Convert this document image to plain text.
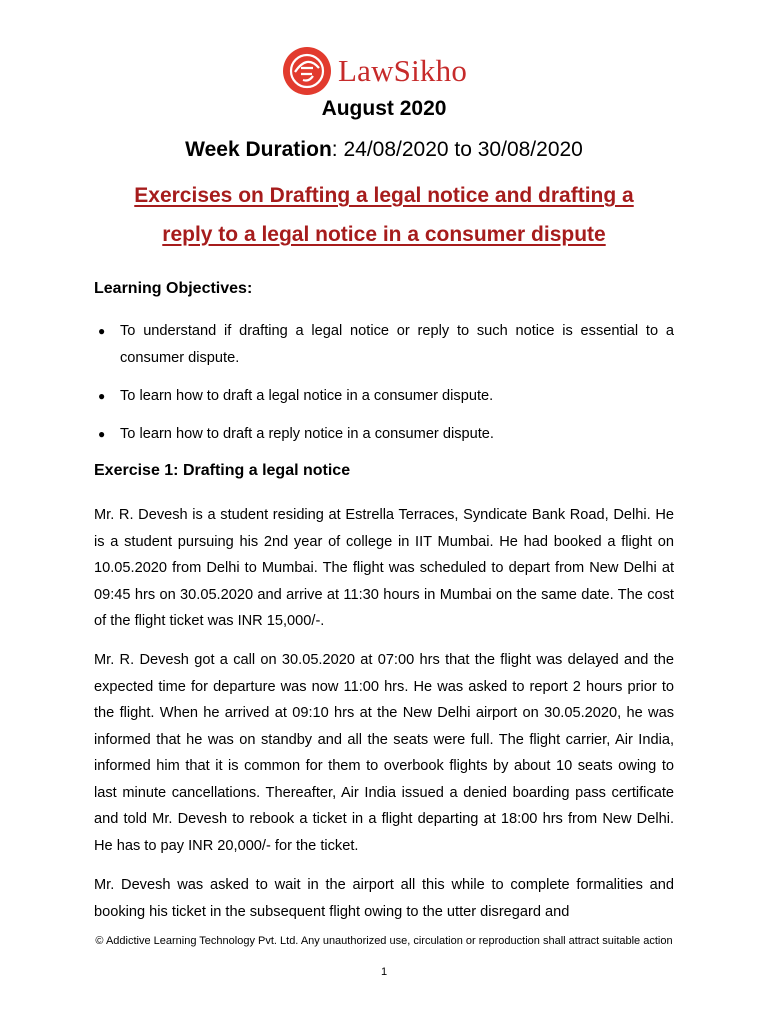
LawSikho
August 2020
Week Duration: 24/08/2020 to 30/08/2020
Exercises on Drafting a legal notice and drafting a
reply to a legal notice in a consumer dispute
Learning Objectives:
● To understand if drafting a legal notice or reply to such notice is essential to a consumer dispute.
● To learn how to draft a legal notice in a consumer dispute.
● To learn how to draft a reply notice in a consumer dispute.
Exercise 1: Drafting a legal notice

Mr. R. Devesh is a student residing at Estrella Terraces, Syndicate Bank Road, Delhi. He is a student pursuing his 2nd year of college in IIT Mumbai. He had booked a flight on 10.05.2020 from Delhi to Mumbai. The flight was scheduled to depart from New Delhi at 09:45 hrs on 30.05.2020 and arrive at 11:30 hours in Mumbai on the same date. The cost of the flight ticket was INR 15,000/-.

Mr. R. Devesh got a call on 30.05.2020 at 07:00 hrs that the flight was delayed and the expected time for departure was now 11:00 hrs. He was asked to report 2 hours prior to the flight. When he arrived at 09:10 hrs at the New Delhi airport on 30.05.2020, he was informed that he was on standby and all the seats were full. The flight carrier, Air India, informed him that it is common for them to overbook flights by about 10 seats owing to last minute cancellations. Thereafter, Air India issued a denied boarding pass certificate and told Mr. Devesh to rebook a ticket in a flight departing at 18:00 hrs from New Delhi. He has to pay INR 20,000/- for the ticket.

Mr. Devesh was asked to wait in the airport all this while to complete formalities and booking his ticket in the subsequent flight owing to the utter disregard and

© Addictive Learning Technology Pvt. Ltd. Any unauthorized use, circulation or reproduction shall attract suitable action
1
